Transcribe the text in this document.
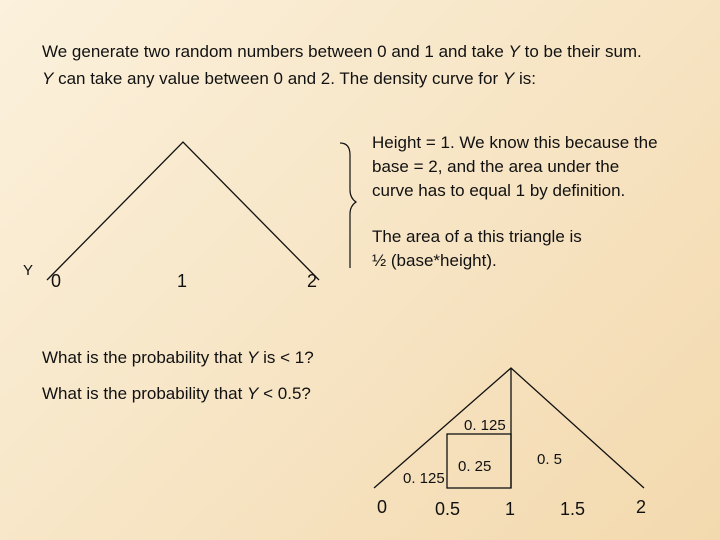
We generate two random numbers between 0 and 1 and take Y to be their sum.
Y can take any value between 0 and 2. The density curve for Y is:
Height = 1. We know this because the
base = 2, and the area under the
curve has to equal 1 by definition.
The area of a this triangle is
½ (base*height).
Y
0	1	2
What is the probability that Y is < 1?
What is the probability that Y < 0.5?
0. 125
0. 125
0. 25	0. 5
0	0.5 1 1.5	2
